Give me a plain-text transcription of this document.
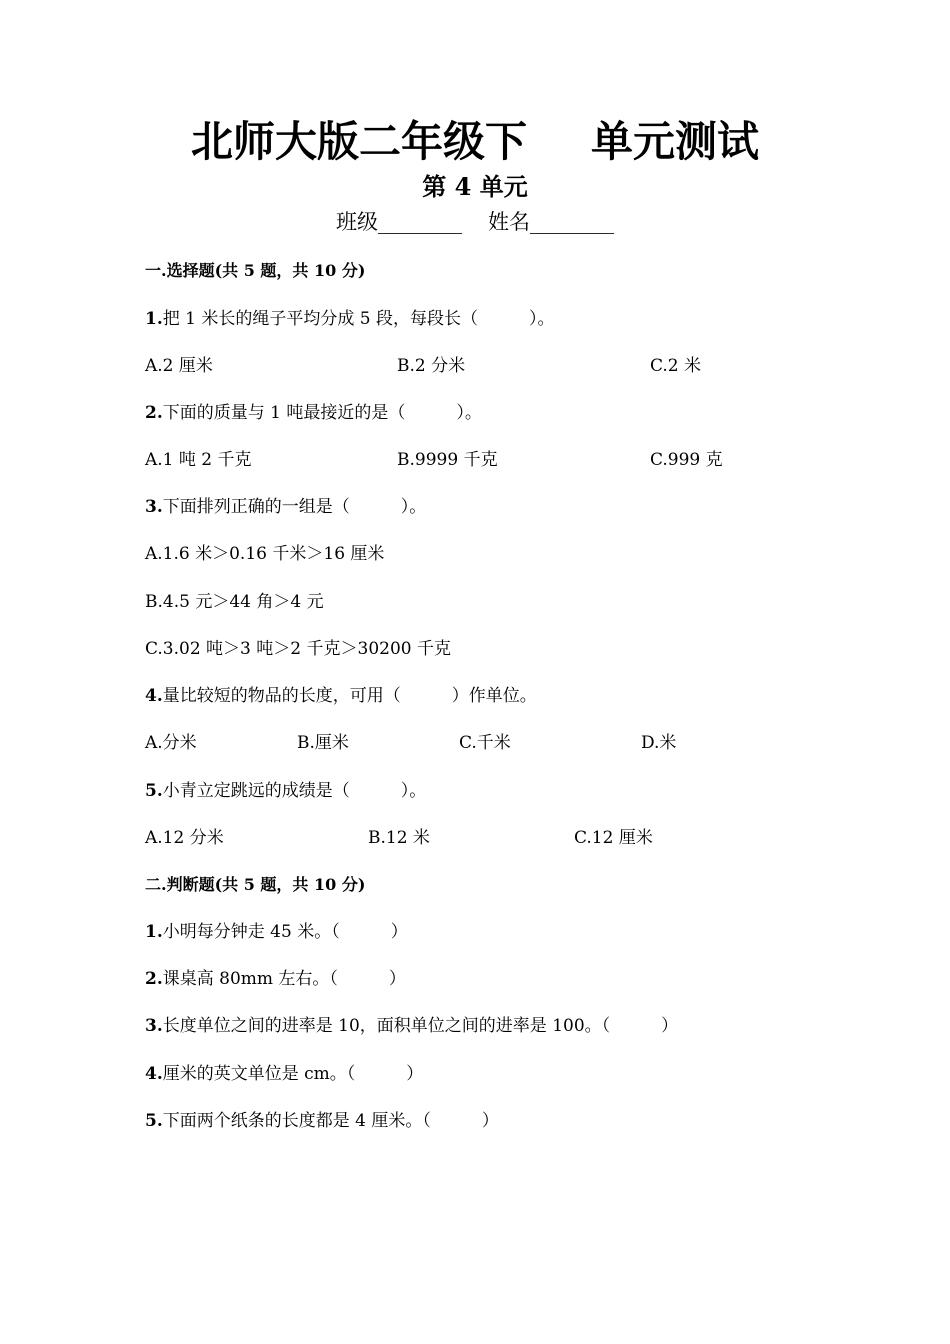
北师大版二年级下 单元测试
第 4 单元
班级________ 姓名________
一.选择题(共 5 题，共 10 分)
1.把 1 米长的绳子平均分成 5 段，每段长（　　　）。
A.2 厘米	B.2 分米	C.2 米
2.下面的质量与 1 吨最接近的是（　　　）。
A.1 吨 2 千克	B.9999 千克	C.999 克
3.下面排列正确的一组是（　　　）。
A.1.6 米＞0.16 千米＞16 厘米
B.4.5 元＞44 角＞4 元
C.3.02 吨＞3 吨＞2 千克＞30200 千克
4.量比较短的物品的长度，可用（　　　）作单位。
A.分米	B.厘米	C.千米	D.米
5.小青立定跳远的成绩是（　　　）。
A.12 分米	B.12 米	C.12 厘米
二.判断题(共 5 题，共 10 分)
1.小明每分钟走 45 米。（　　　）
2.课桌高 80mm 左右。（　　　）
3.长度单位之间的进率是 10，面积单位之间的进率是 100。（　　　）
4.厘米的英文单位是 cm。（　　　）
5.下面两个纸条的长度都是 4 厘米。（　　　）
